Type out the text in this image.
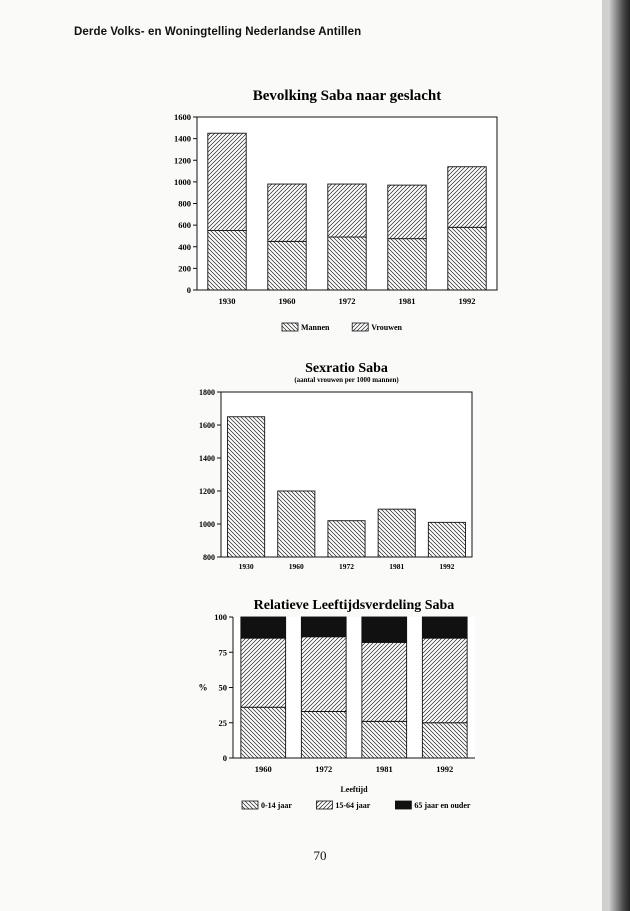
Derde Volks- en Woningtelling Nederlandse Antillen
Bevolking Saba naar geslacht
0
200
400
600
800
1000
1200
1400
1600
1930	1960	1972	1981	1992
Mannen	Vrouwen
Sexratio Saba
(aantal vrouwen per 1000 mannen)
800
1000
1200
1400
1600
1800
1930	1960	1972	1981	1992
Relatieve Leeftijdsverdeling Saba
0
25
50
75
100
1960	1972	1981	1992
%
Leeftijd
0-14 jaar	15-64 jaar	65 jaar en ouder
70
